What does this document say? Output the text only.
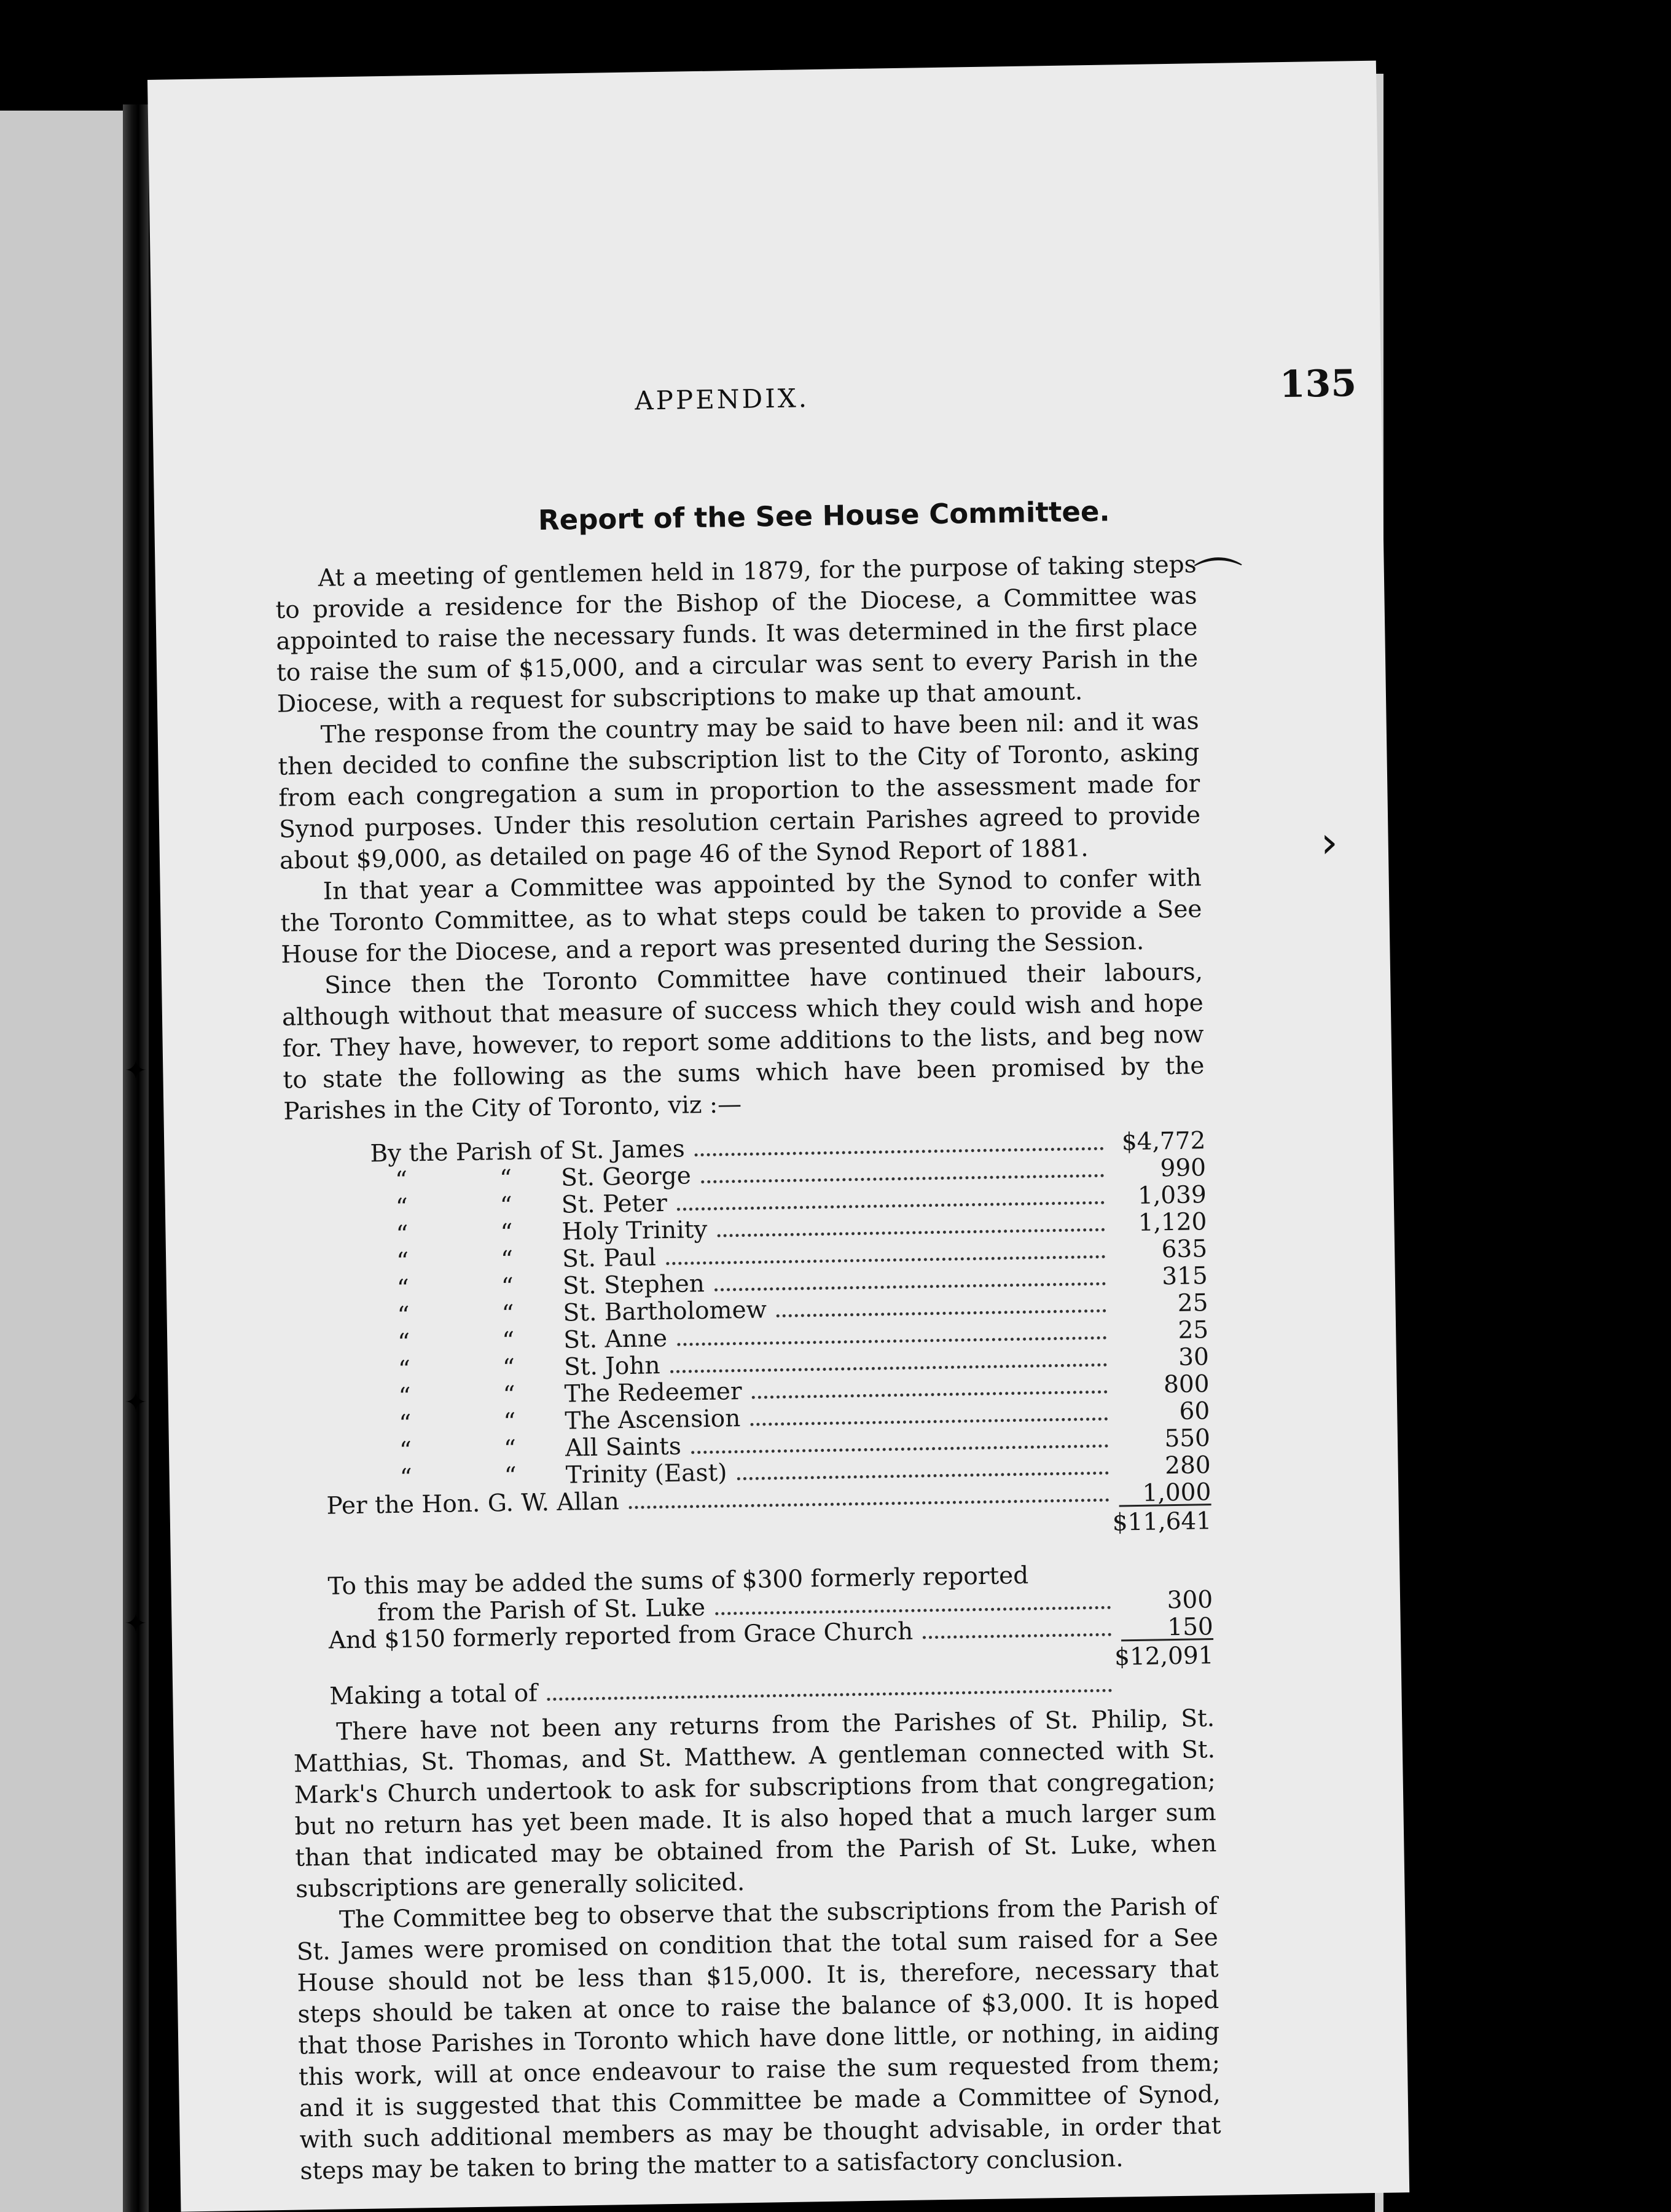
✦
✦
✦
APPENDIX.	135
Report of the See House Committee.

At a meeting of gentlemen held in 1879, for the purpose of taking steps to provide a residence for the Bishop of the Diocese, a Committee was appointed to raise the necessary funds. It was determined in the first place to raise the sum of $15,000, and a circular was sent to every Parish in the Diocese, with a request for subscriptions to make up that amount.

The response from the country may be said to have been nil: and it was then decided to confine the subscription list to the City of Toronto, asking from each congregation a sum in proportion to the assessment made for Synod purposes. Under this resolution certain Parishes agreed to provide about $9,000, as detailed on page 46 of the Synod Report of 1881.

In that year a Committee was appointed by the Synod to confer with the Toronto Committee, as to what steps could be taken to provide a See House for the Diocese, and a report was presented during the Session.

Since then the Toronto Committee have continued their labours, although without that measure of success which they could wish and hope for. They have, however, to report some additions to the lists, and beg now to state the following as the sums which have been promised by the Parishes in the City of Toronto, viz :—

By the Parish of St. James	$4,772
“	“ St. George	990
“	“ St. Peter	1,039
“	“ Holy Trinity	1,120
“	“ St. Paul	635
“	“ St. Stephen	315
“	“ St. Bartholomew	25
“	“ St. Anne	25
“	“ St. John	30
“	“ The Redeemer	800
“	“ The Ascension	60
“	“ All Saints	550
“	“ Trinity (East)	280
Per the Hon. G. W. Allan	1,000
$11,641
To this may be added the sums of $300 formerly reported
from the Parish of St. Luke	300
And $150 formerly reported from Grace Church	150
$12,091
Making a total of

There have not been any returns from the Parishes of St. Philip, St. Matthias, St. Thomas, and St. Matthew. A gentleman connected with St. Mark's Church undertook to ask for subscriptions from that congregation; but no return has yet been made. It is also hoped that a much larger sum than that indicated may be obtained from the Parish of St. Luke, when subscriptions are generally solicited.

The Committee beg to observe that the subscriptions from the Parish of St. James were promised on condition that the total sum raised for a See House should not be less than $15,000. It is, therefore, necessary that steps should be taken at once to raise the balance of $3,000. It is hoped that those Parishes in Toronto which have done little, or nothing, in aiding this work, will at once endeavour to raise the sum requested from them; and it is suggested that this Committee be made a Committee of Synod, with such additional members as may be thought advisable, in order that steps may be taken to bring the matter to a satisfactory conclusion.

⌒
›
